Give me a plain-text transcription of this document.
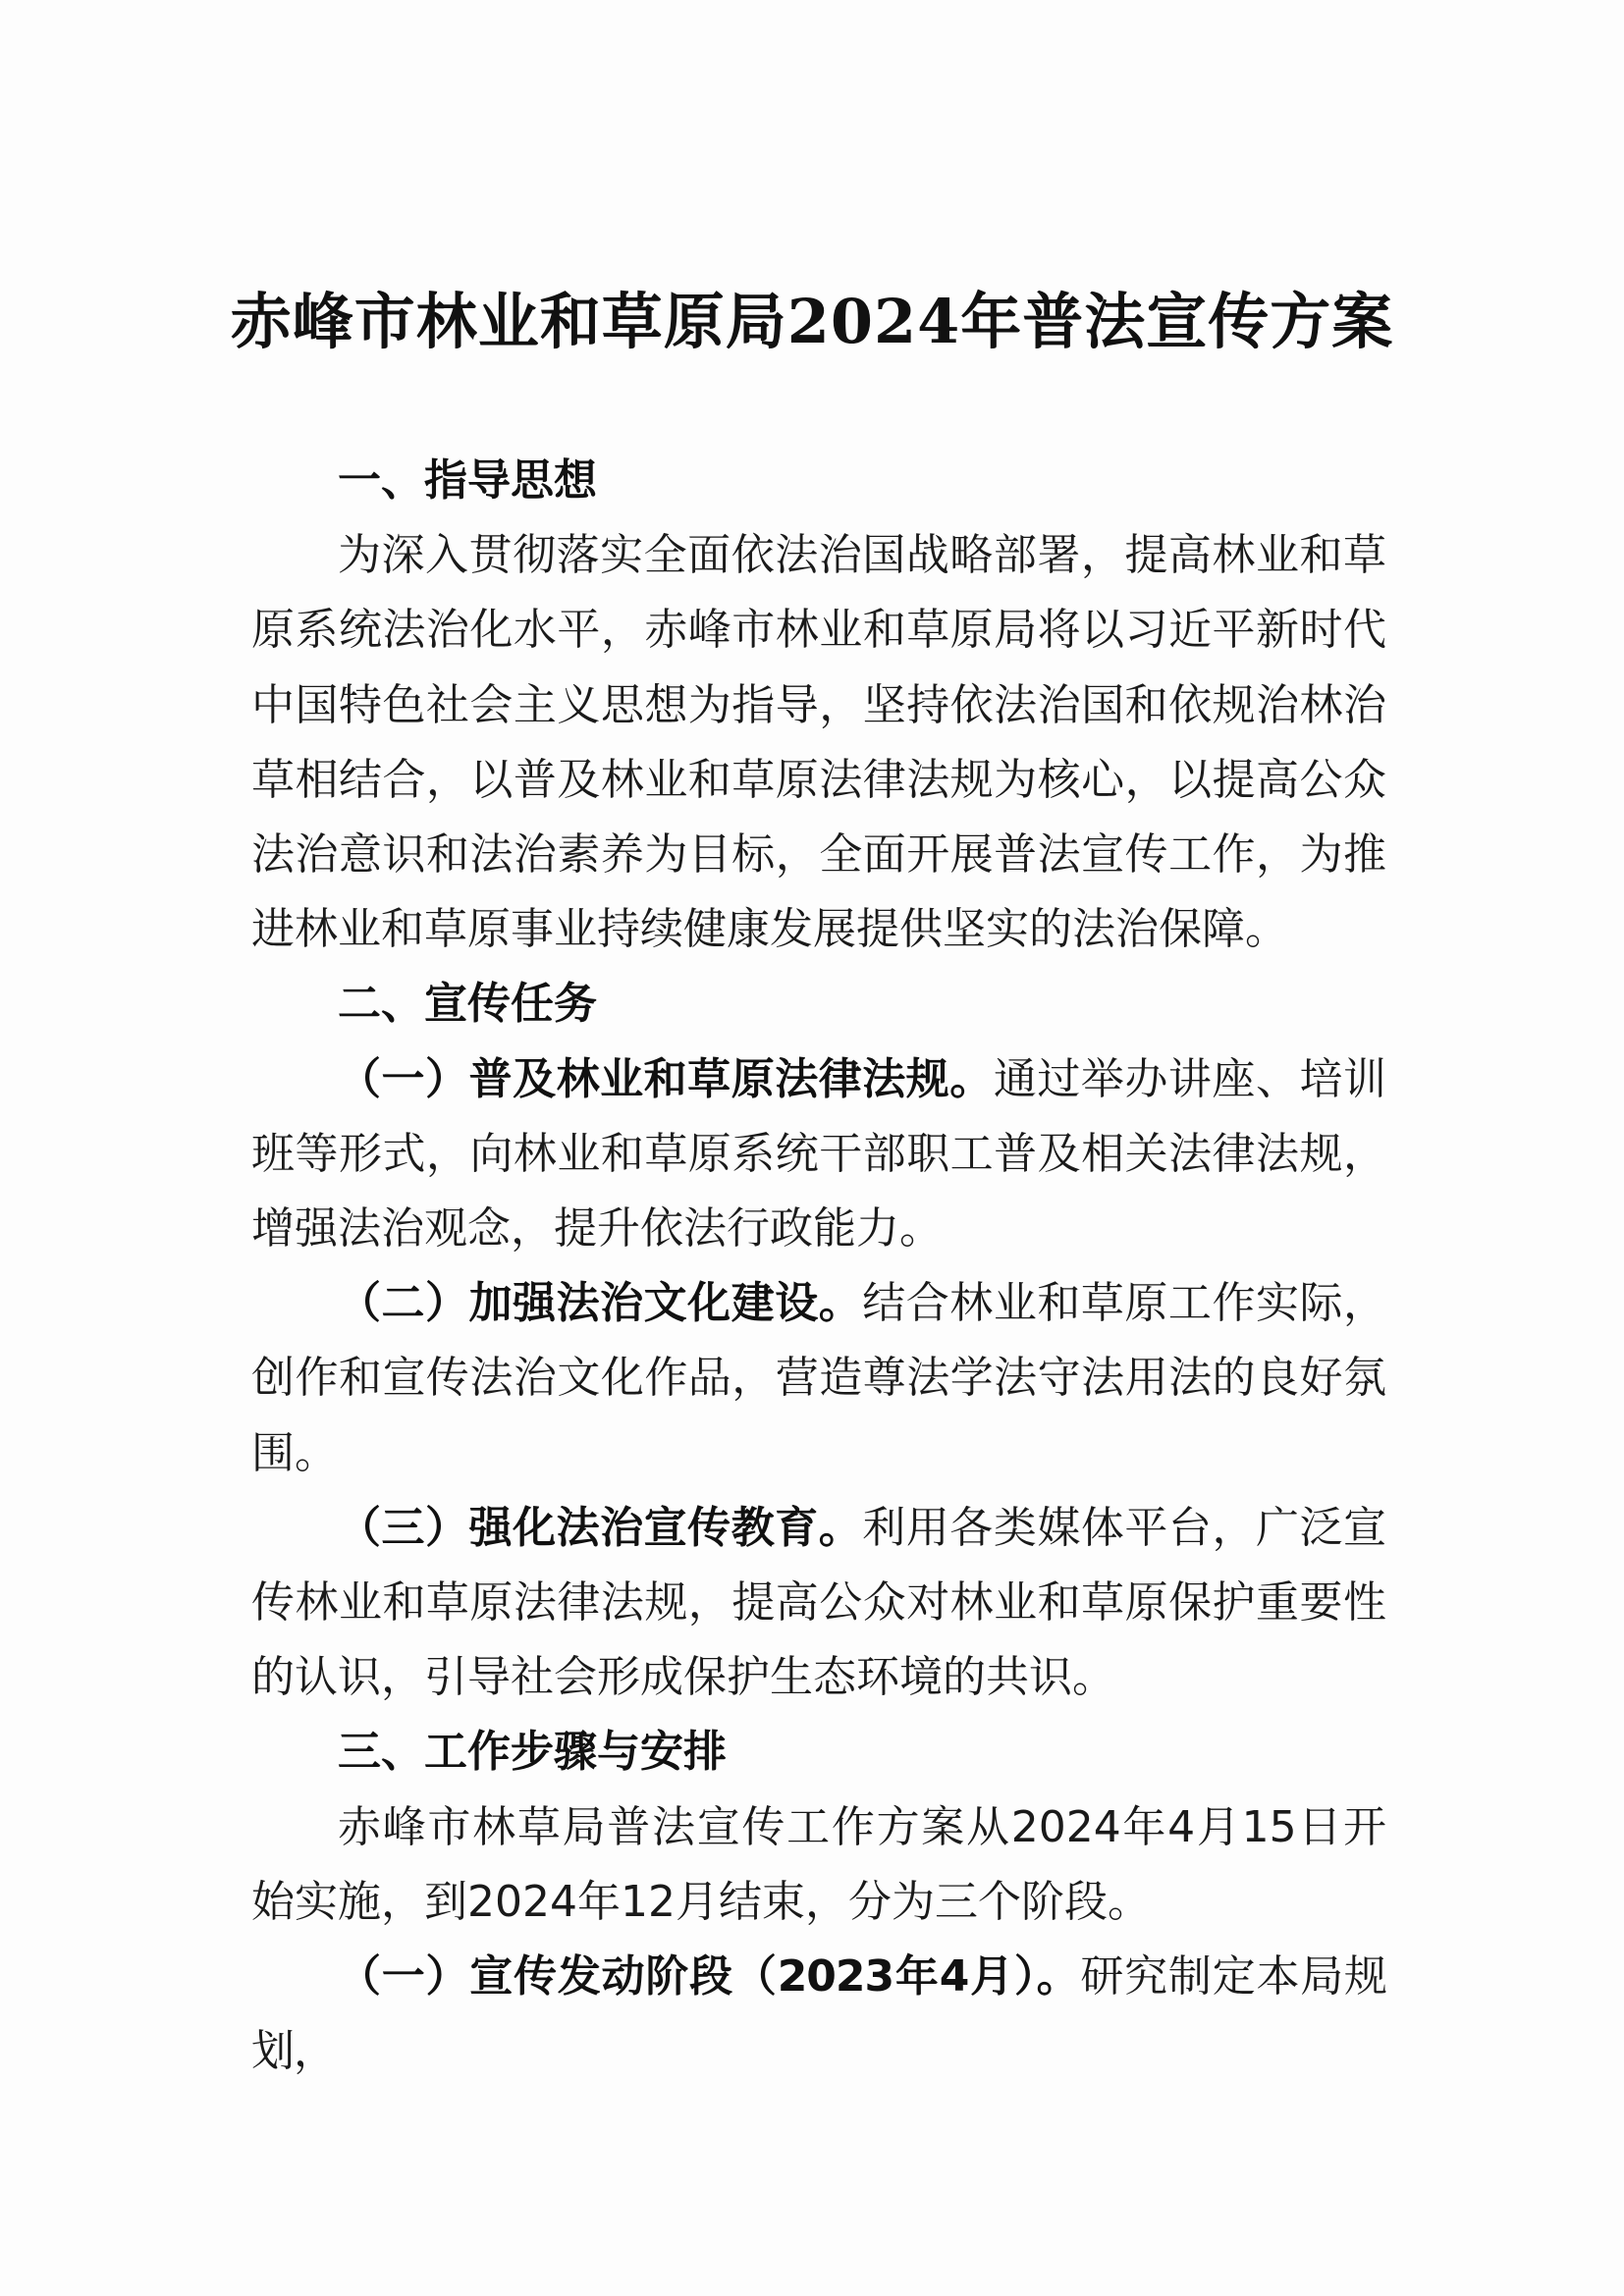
赤峰市林业和草原局2024年普法宣传方案

一、指导思想

为深入贯彻落实全面依法治国战略部署，提高林业和草原系统法治化水平，赤峰市林业和草原局将以习近平新时代中国特色社会主义思想为指导，坚持依法治国和依规治林治草相结合，以普及林业和草原法律法规为核心，以提高公众法治意识和法治素养为目标，全面开展普法宣传工作，为推进林业和草原事业持续健康发展提供坚实的法治保障。

二、宣传任务

（一）普及林业和草原法律法规。通过举办讲座、培训班等形式，向林业和草原系统干部职工普及相关法律法规，增强法治观念，提升依法行政能力。

（二）加强法治文化建设。结合林业和草原工作实际，创作和宣传法治文化作品，营造尊法学法守法用法的良好氛围。

（三）强化法治宣传教育。利用各类媒体平台，广泛宣传林业和草原法律法规，提高公众对林业和草原保护重要性的认识，引导社会形成保护生态环境的共识。

三、工作步骤与安排

赤峰市林草局普法宣传工作方案从2024年4月15日开始实施，到2024年12月结束，分为三个阶段。

（一）宣传发动阶段（2023年4月）。研究制定本局规划，
